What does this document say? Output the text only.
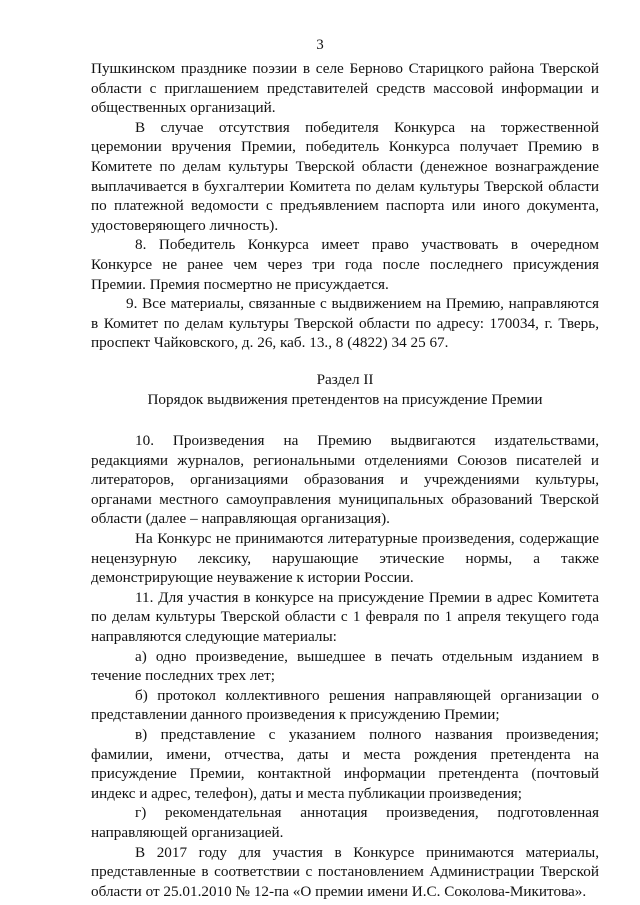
3

Пушкинском празднике поэзии в селе Берново Старицкого района Тверской области с приглашением представителей средств массовой информации и общественных организаций.

В случае отсутствия победителя Конкурса на торжественной церемонии вручения Премии, победитель Конкурса получает Премию в Комитете по делам культуры Тверской области (денежное вознаграждение выплачивается в бухгалтерии Комитета по делам культуры Тверской области по платежной ведомости с предъявлением паспорта или иного документа, удостоверяющего личность).

8. Победитель Конкурса имеет право участвовать в очередном Конкурсе не ранее чем через три года после последнего присуждения Премии. Премия посмертно не присуждается.

9. Все материалы, связанные с выдвижением на Премию, направляются в Комитет по делам культуры Тверской области по адресу: 170034, г. Тверь, проспект Чайковского, д. 26, каб. 13., 8 (4822) 34 25 67.

Раздел II

Порядок выдвижения претендентов на присуждение Премии

10. Произведения на Премию выдвигаются издательствами, редакциями журналов, региональными отделениями Союзов писателей и литераторов, организациями образования и учреждениями культуры, органами местного самоуправления муниципальных образований Тверской области (далее – направляющая организация).

На Конкурс не принимаются литературные произведения, содержащие нецензурную лексику, нарушающие этические нормы, а также демонстрирующие неуважение к истории России.

11. Для участия в конкурсе на присуждение Премии в адрес Комитета по делам культуры Тверской области с 1 февраля по 1 апреля текущего года направляются следующие материалы:

а) одно произведение, вышедшее в печать отдельным изданием в течение последних трех лет;

б) протокол коллективного решения направляющей организации о представлении данного произведения к присуждению Премии;

в) представление с указанием полного названия произведения; фамилии, имени, отчества, даты и места рождения претендента на присуждение Премии, контактной информации претендента (почтовый индекс и адрес, телефон), даты и места публикации произведения;

г) рекомендательная аннотация произведения, подготовленная направляющей организацией.

В 2017 году для участия в Конкурсе принимаются материалы, представленные в соответствии с постановлением Администрации Тверской области от 25.01.2010 № 12-па «О премии имени И.С. Соколова-Микитова».
